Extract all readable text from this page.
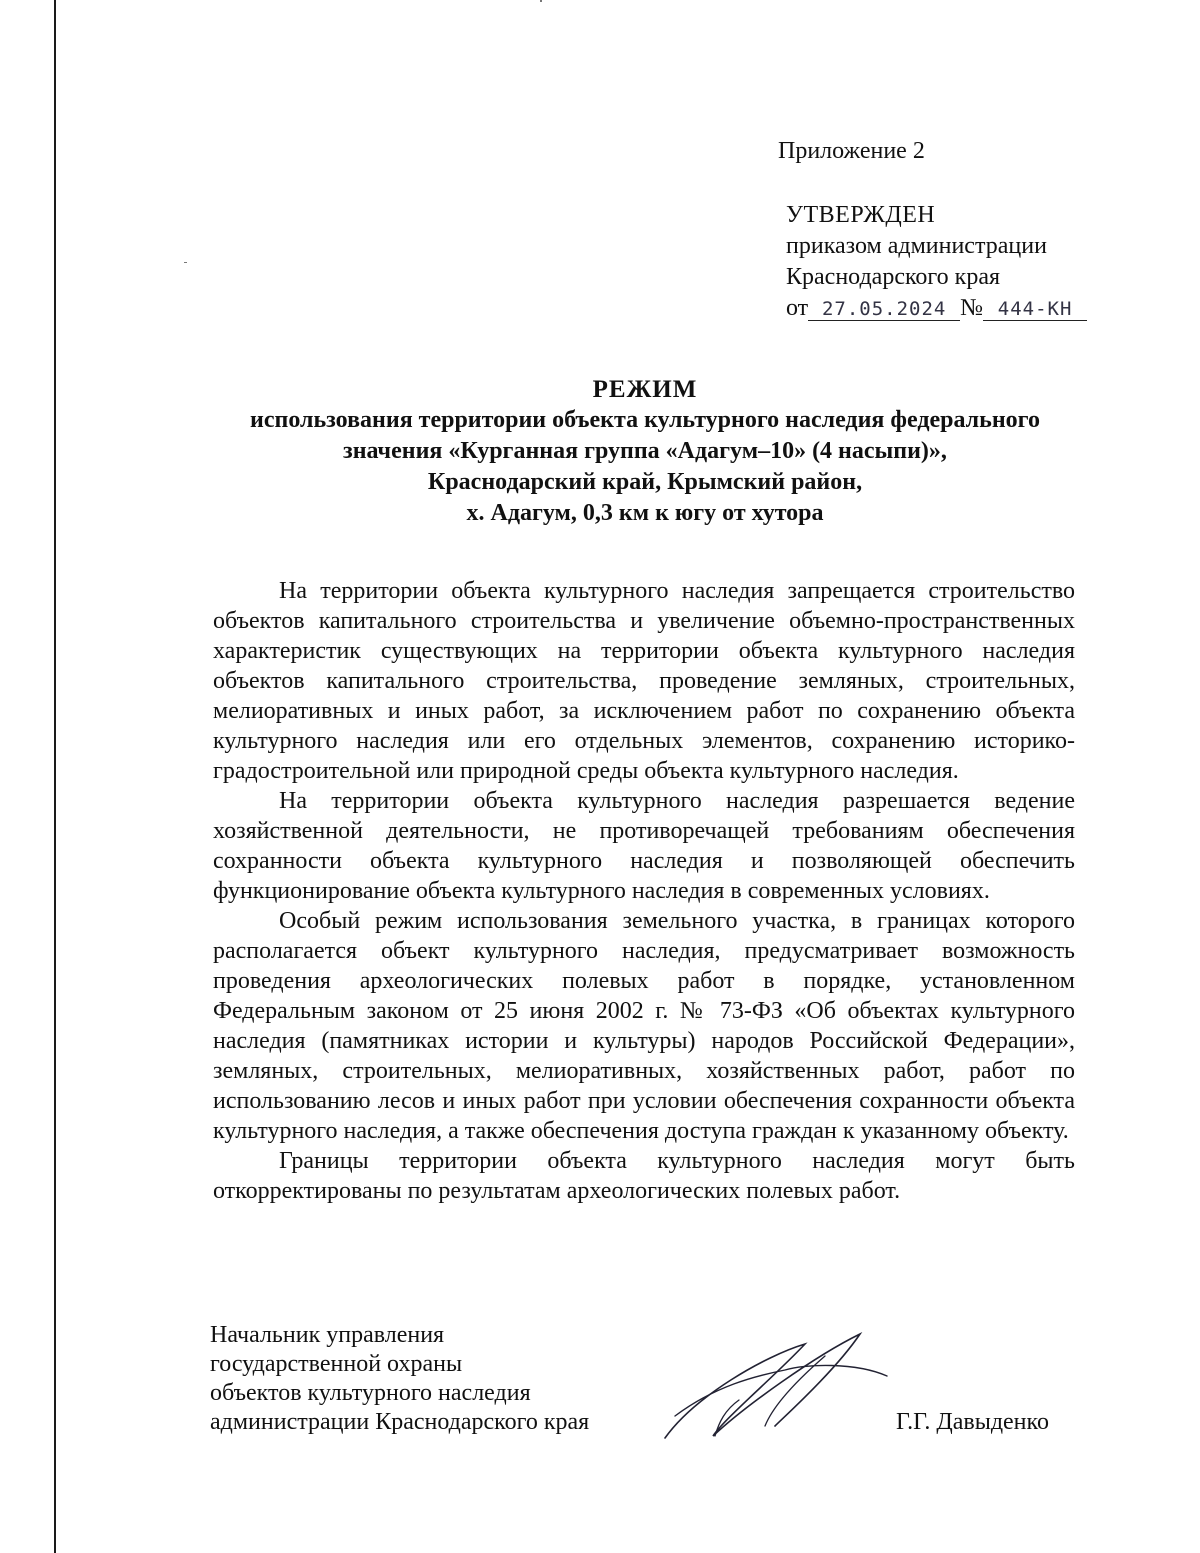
Приложение 2
УТВЕРЖДЕН
приказом администрации
Краснодарского края
от 27.05.2024 № 444-КН
РЕЖИМ
использования территории объекта культурного наследия федерального
значения «Курганная группа «Адагум–10» (4 насыпи)»,
Краснодарский край, Крымский район,
х. Адагум, 0,3 км к югу от хутора

На территории объекта культурного наследия запрещается строительство объектов капитального строительства и увеличение объемно-пространственных характеристик существующих на территории объекта культурного наследия объектов капитального строительства, проведение земляных, строительных, мелиоративных и иных работ, за исключением работ по сохранению объекта культурного наследия или его отдельных элементов, сохранению историко-градостроительной или природной среды объекта культурного наследия.

На территории объекта культурного наследия разрешается ведение хозяйственной деятельности, не противоречащей требованиям обеспечения сохранности объекта культурного наследия и позволяющей обеспечить функционирование объекта культурного наследия в современных условиях.

Особый режим использования земельного участка, в границах которого располагается объект культурного наследия, предусматривает возможность проведения археологических полевых работ в порядке, установленном Федеральным законом от 25 июня 2002 г. № 73-ФЗ «Об объектах культурного наследия (памятниках истории и культуры) народов Российской Федерации», земляных, строительных, мелиоративных, хозяйственных работ, работ по использованию лесов и иных работ при условии обеспечения сохранности объекта культурного наследия, а также обеспечения доступа граждан к указанному объекту.

Границы территории объекта культурного наследия могут быть откорректированы по результатам археологических полевых работ.

Начальник управления
государственной охраны
объектов культурного наследия
администрации Краснодарского края	Г.Г. Давыденко
